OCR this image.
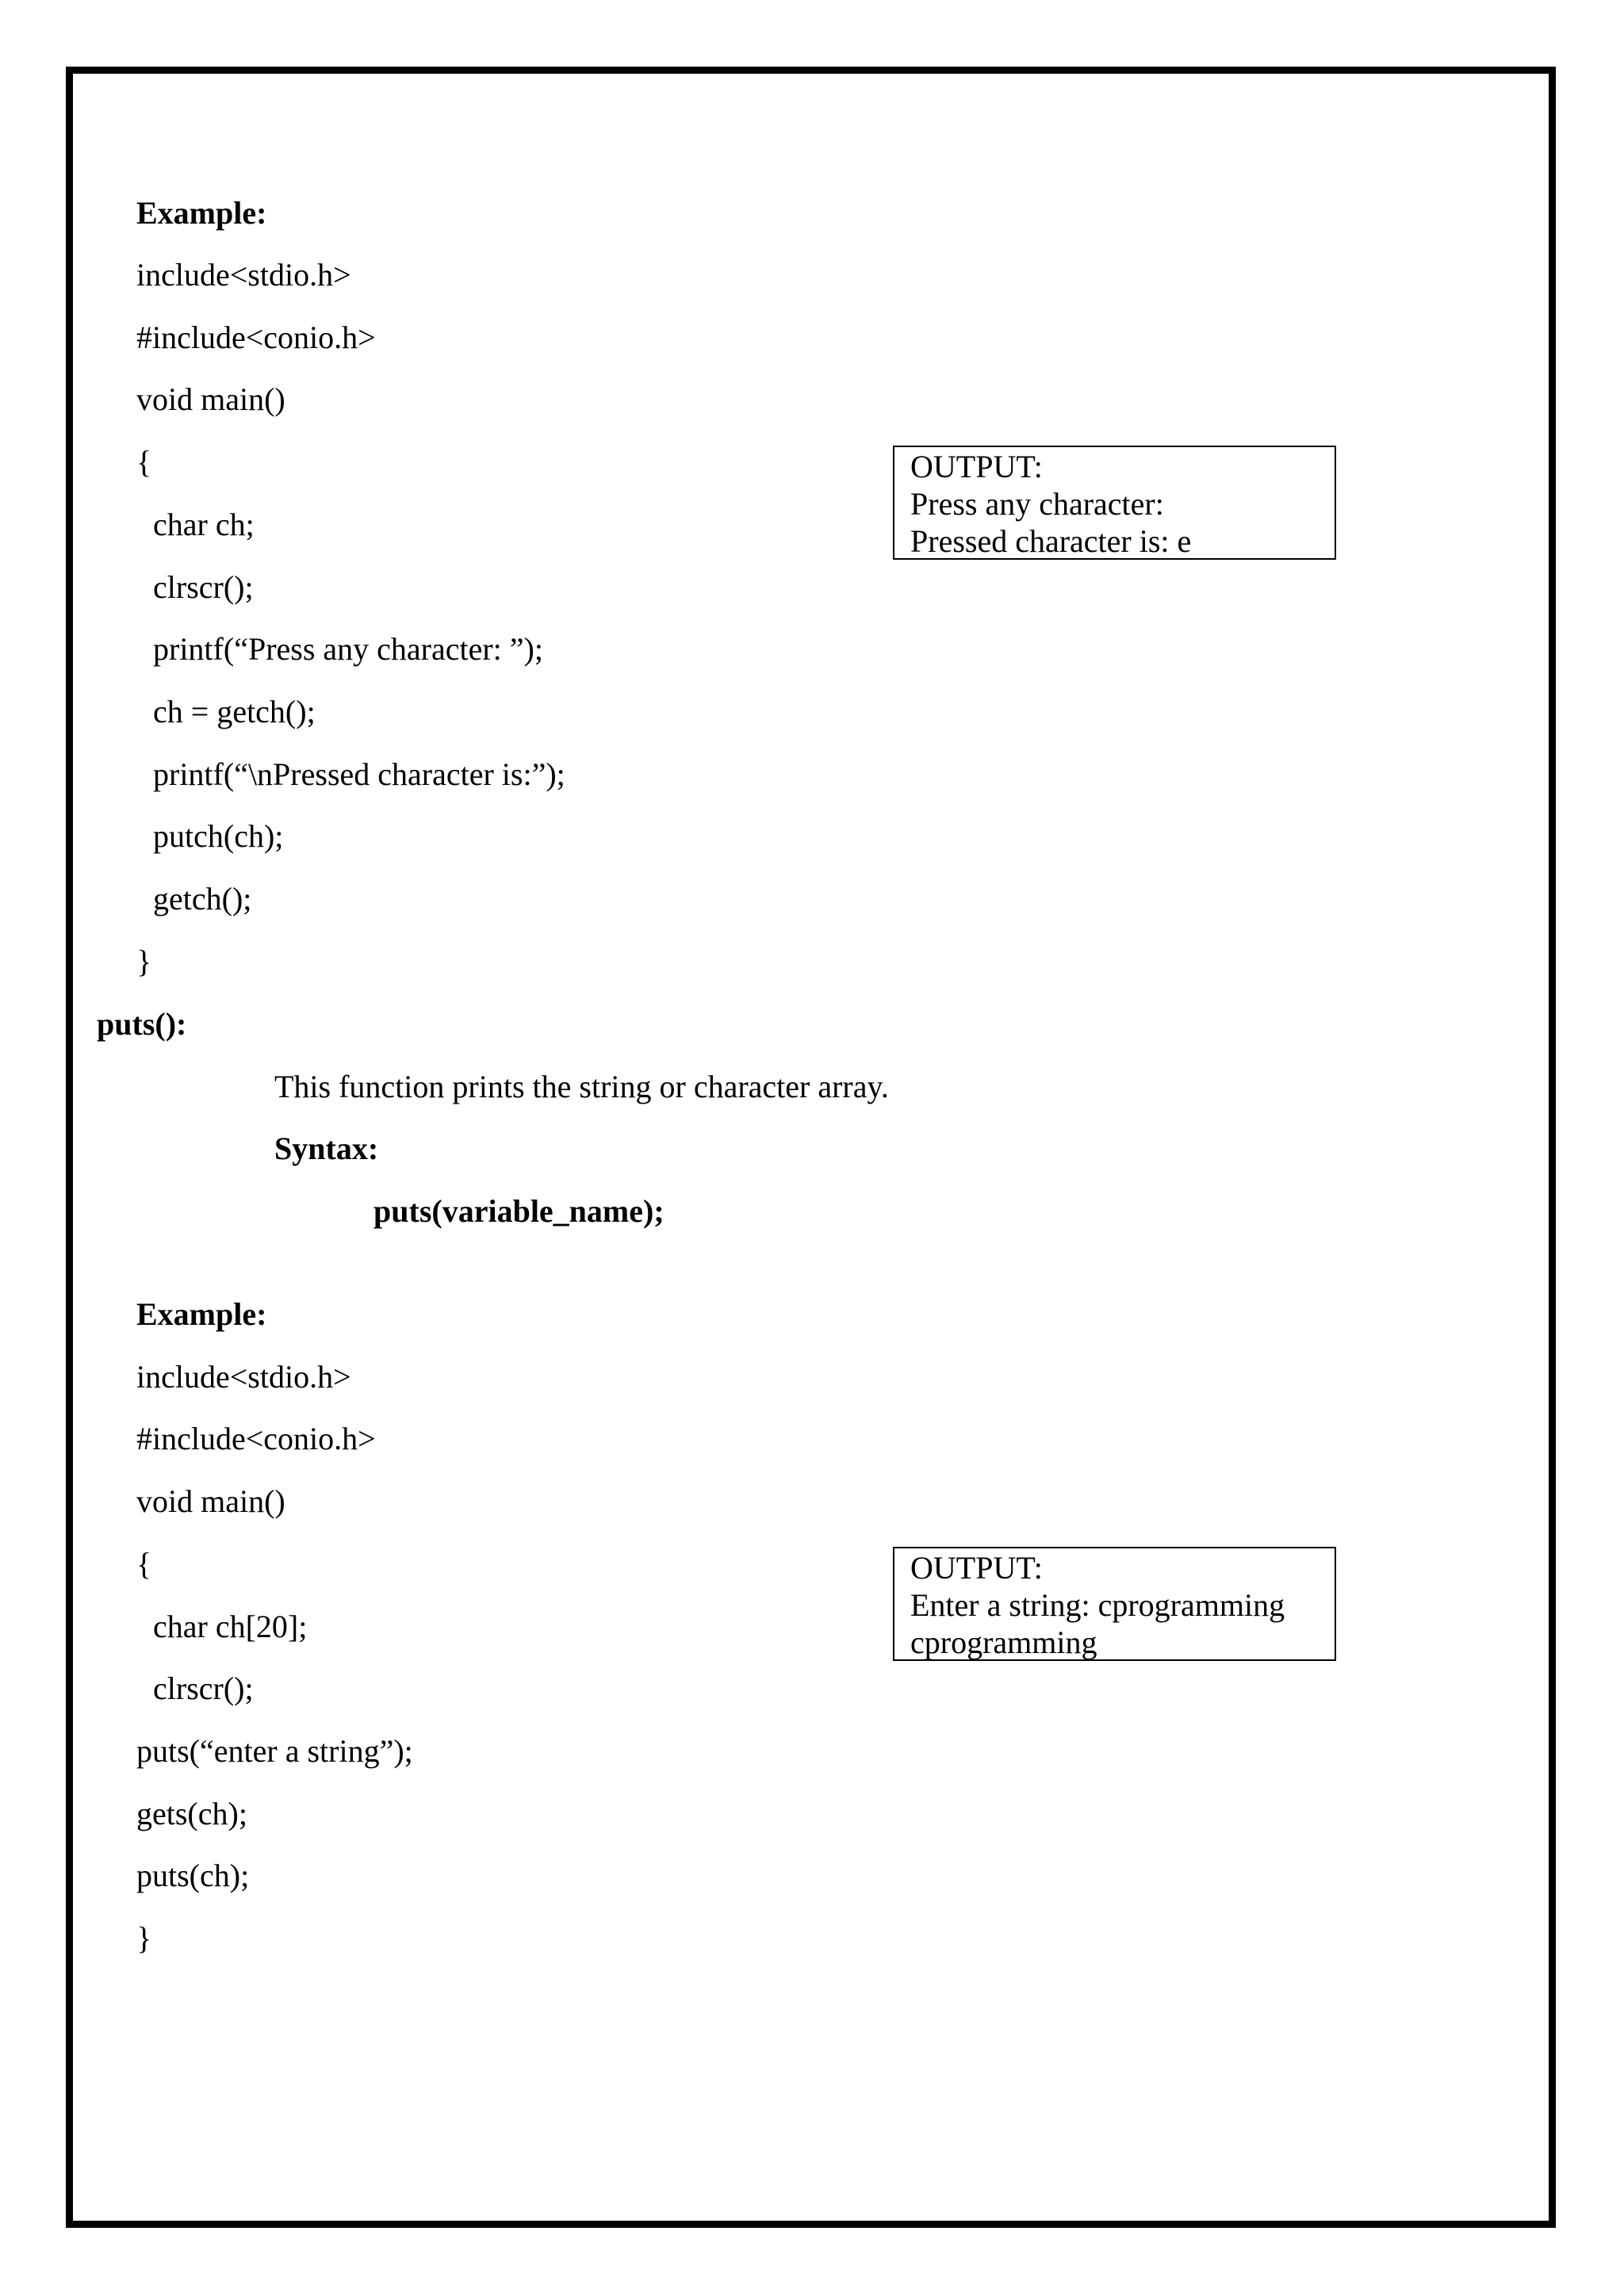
Example:
include<stdio.h>
#include<conio.h>
void main()
{
char ch;
clrscr();
printf(“Press any character: ”);
ch = getch();
printf(“\nPressed character is:”);
putch(ch);
getch();
}
OUTPUT:
Press any character:
Pressed character is: e
puts():
This function prints the string or character array.
Syntax:
puts(variable_name);
Example:
include<stdio.h>
#include<conio.h>
void main()
{
char ch[20];
clrscr();
puts(“enter a string”);
gets(ch);
puts(ch);
}
OUTPUT:
Enter a string: cprogramming
cprogramming
